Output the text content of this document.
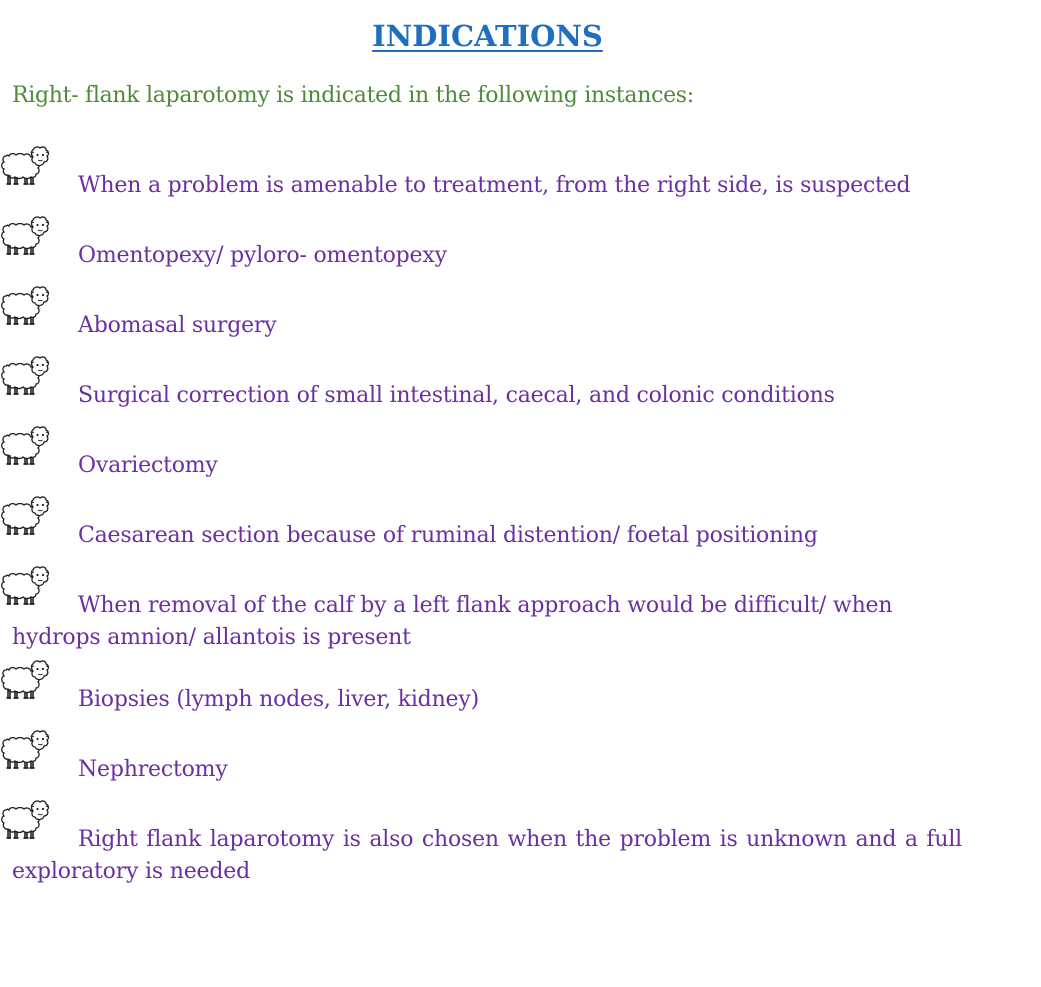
INDICATIONS

Right- flank laparotomy is indicated in the following instances:

When a problem is amenable to treatment, from the right side, is suspected
Omentopexy/ pyloro- omentopexy
Abomasal surgery
Surgical correction of small intestinal, caecal, and colonic conditions
Ovariectomy
Caesarean section because of ruminal distention/ foetal positioning
When removal of the calf by a left flank approach would be difficult/ when hydrops amnion/ allantois is present
Biopsies (lymph nodes, liver, kidney)
Nephrectomy
Right flank laparotomy is also chosen when the problem is unknown and a full exploratory is needed
